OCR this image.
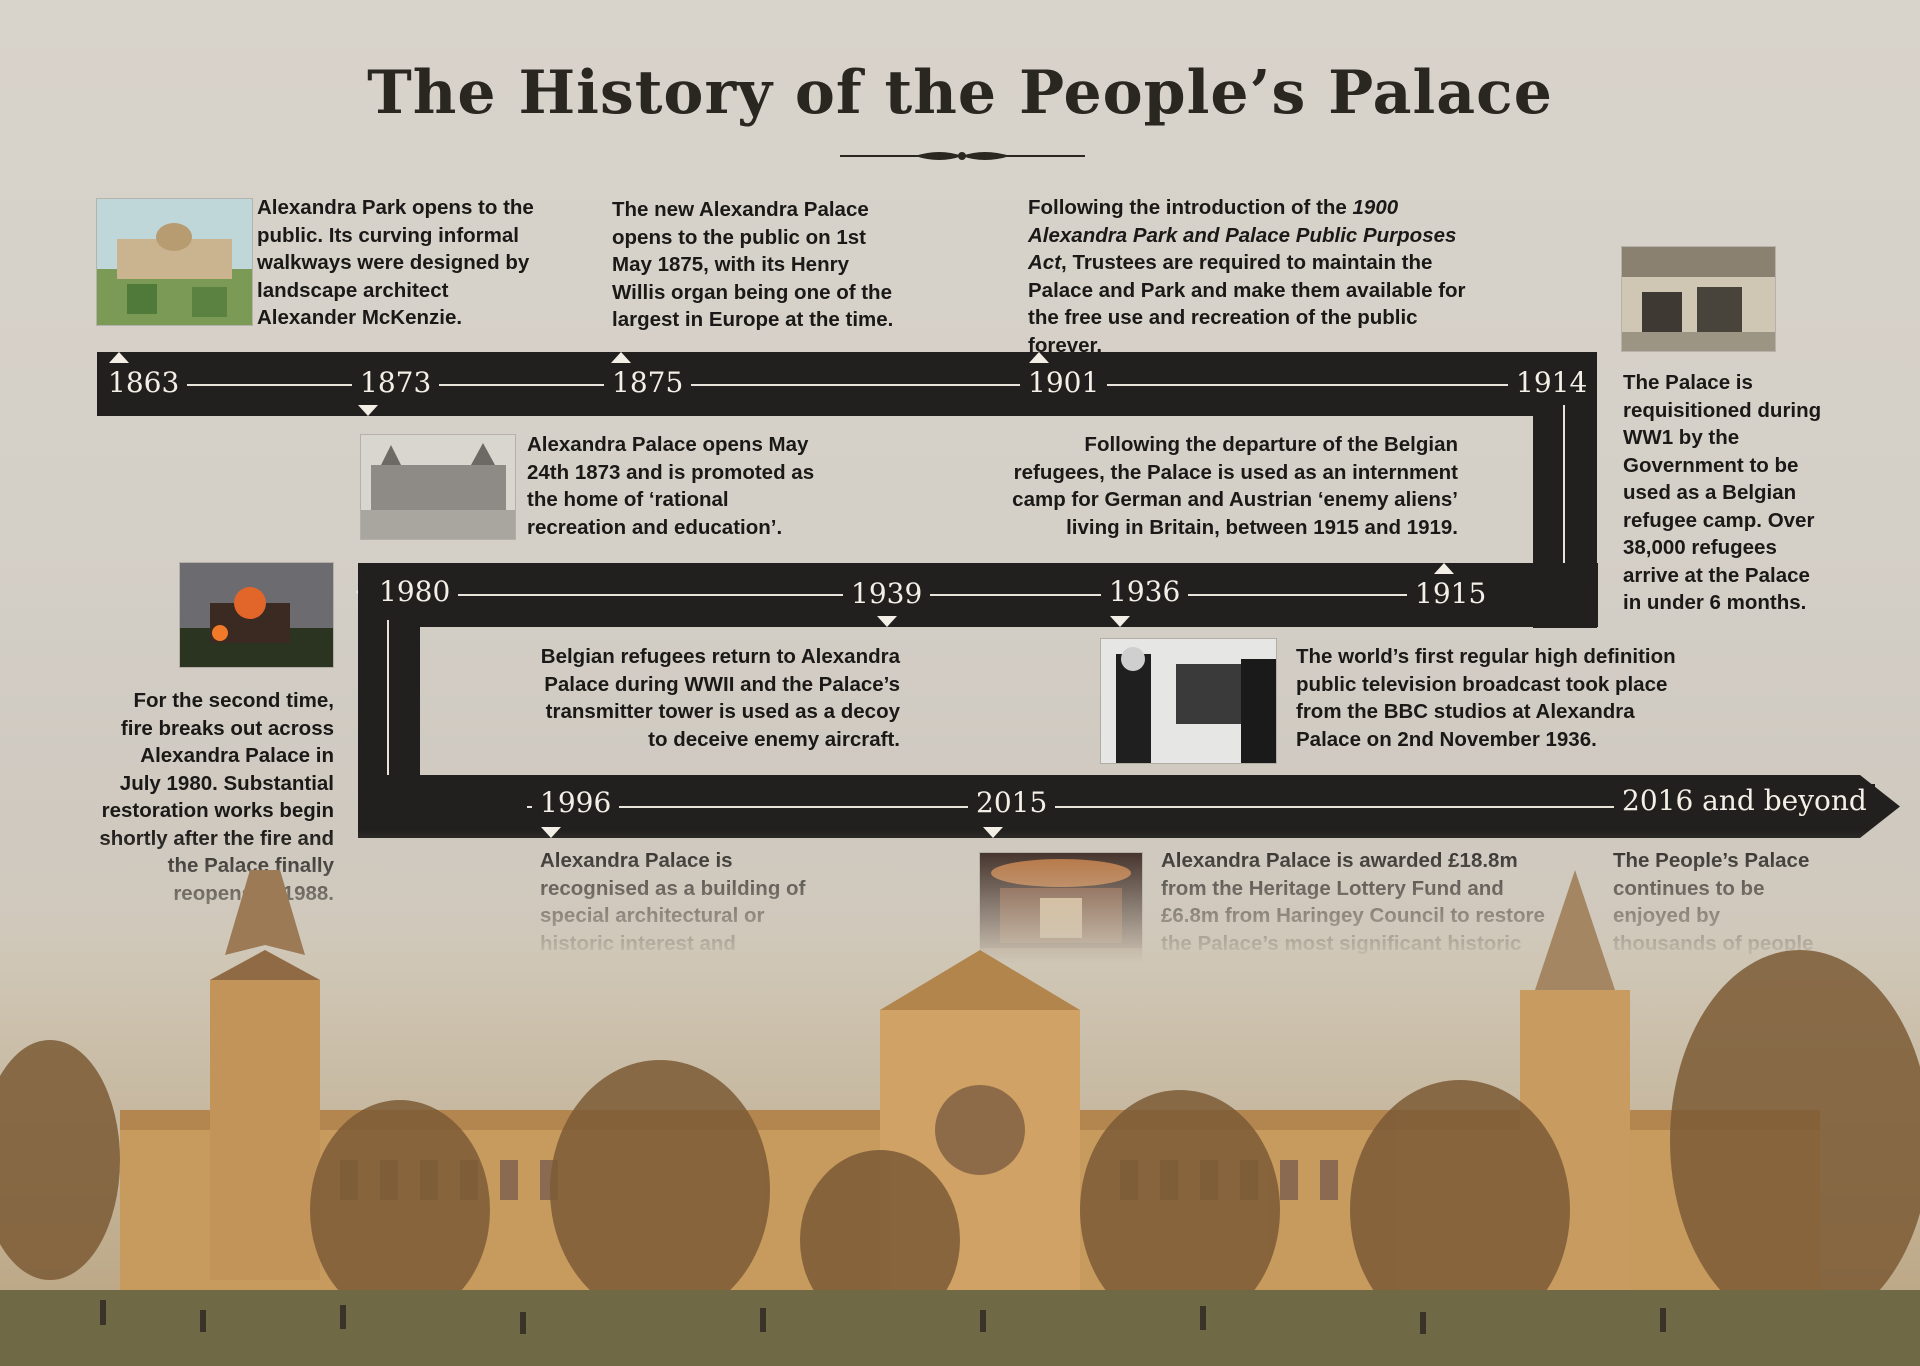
The History of the People’s Palace
1863	1873	1875	1901	1914
1980	1939	1936	1915
1996	2015	2016 and beyond
Alexandra Park opens to the public. Its curving informal walkways were designed by landscape architect Alexander McKenzie.
Alexandra Palace opens May 24th 1873 and is promoted as the home of ‘rational recreation and education’.
The new Alexandra Palace opens to the public on 1st May 1875, with its Henry Willis organ being one of the largest in Europe at the time.
Following the introduction of the 1900 Alexandra Park and Palace Public Purposes Act, Trustees are required to maintain the Palace and Park and make them available for the free use and recreation of the public forever.
The Palace is requisitioned during WW1 by the Government to be used as a Belgian refugee camp. Over 38,000 refugees arrive at the Palace in under 6 months.
Following the departure of the Belgian refugees, the Palace is used as an internment camp for German and Austrian ‘enemy aliens’ living in Britain, between 1915 and 1919.
The world’s first regular high definition public television broadcast took place from the BBC studios at Alexandra Palace on 2nd November 1936.
Belgian refugees return to Alexandra Palace during WWII and the Palace’s transmitter tower is used as a decoy to deceive enemy aircraft.
For the second time, fire breaks out across Alexandra Palace in July 1980. Substantial restoration works begin
